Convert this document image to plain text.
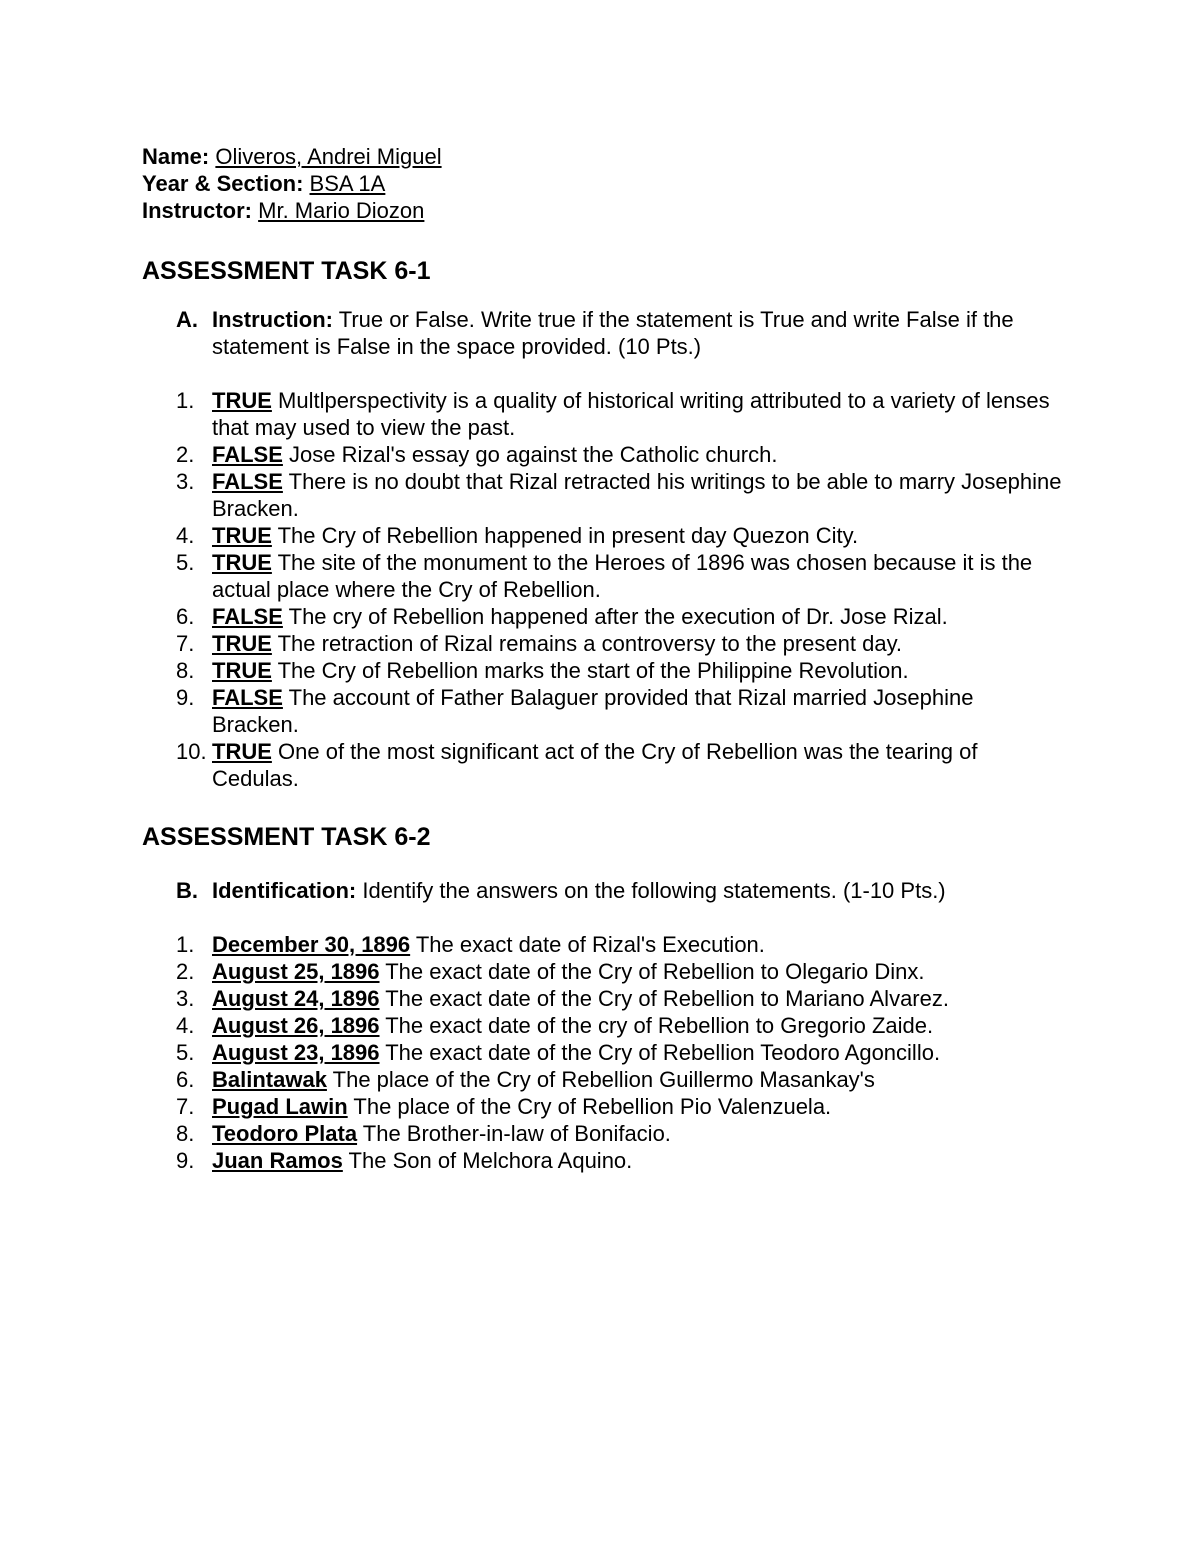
Name: Oliveros, Andrei Miguel
Year & Section: BSA 1A
Instructor: Mr. Mario Diozon
ASSESSMENT TASK 6-1
A. Instruction: True or False. Write true if the statement is True and write False if the statement is False in the space provided. (10 Pts.)
1. TRUE Multlperspectivity is a quality of historical writing attributed to a variety of lenses that may used to view the past.
2. FALSE Jose Rizal's essay go against the Catholic church.
3. FALSE There is no doubt that Rizal retracted his writings to be able to marry Josephine Bracken.
4. TRUE The Cry of Rebellion happened in present day Quezon City.
5. TRUE The site of the monument to the Heroes of 1896 was chosen because it is the actual place where the Cry of Rebellion.
6. FALSE The cry of Rebellion happened after the execution of Dr. Jose Rizal.
7. TRUE The retraction of Rizal remains a controversy to the present day.
8. TRUE The Cry of Rebellion marks the start of the Philippine Revolution.
9. FALSE The account of Father Balaguer provided that Rizal married Josephine Bracken.
10. TRUE One of the most significant act of the Cry of Rebellion was the tearing of Cedulas.
ASSESSMENT TASK 6-2
B. Identification: Identify the answers on the following statements. (1-10 Pts.)
1. December 30, 1896 The exact date of Rizal's Execution.
2. August 25, 1896 The exact date of the Cry of Rebellion to Olegario Dinx.
3. August 24, 1896 The exact date of the Cry of Rebellion to Mariano Alvarez.
4. August 26, 1896 The exact date of the cry of Rebellion to Gregorio Zaide.
5. August 23, 1896 The exact date of the Cry of Rebellion Teodoro Agoncillo.
6. Balintawak The place of the Cry of Rebellion Guillermo Masankay's
7. Pugad Lawin The place of the Cry of Rebellion Pio Valenzuela.
8. Teodoro Plata The Brother-in-law of Bonifacio.
9. Juan Ramos The Son of Melchora Aquino.
